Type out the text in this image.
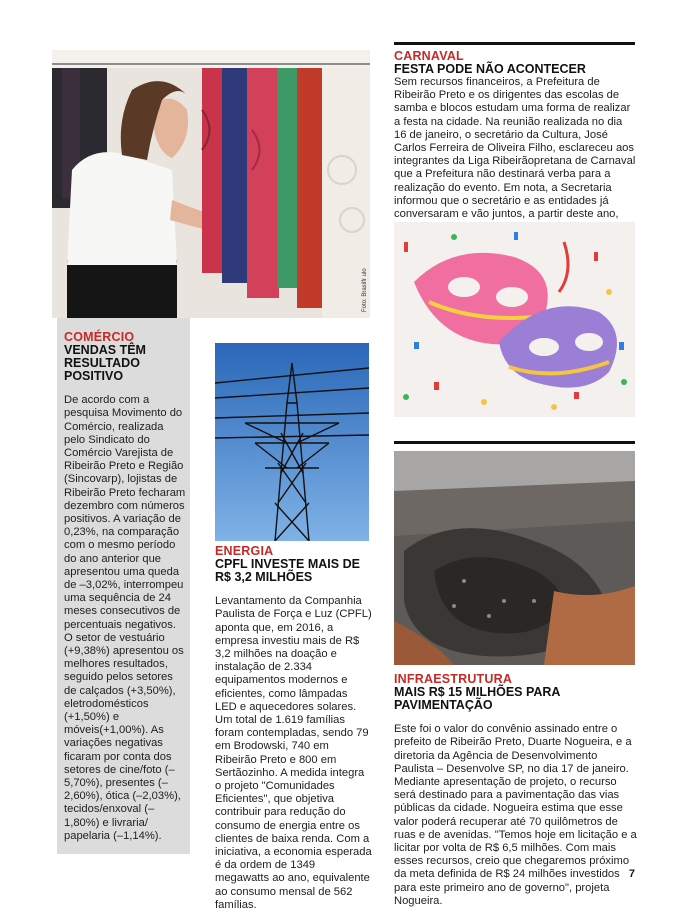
Foto: Brasilfr ulo
CARNAVAL
FESTA PODE NÃO ACONTECER

Sem recursos financeiros, a Prefeitura de Ribeirão Preto e os dirigentes das escolas de samba e blocos estudam uma forma de realizar a festa na cidade. Na reunião realizada no dia 16 de janeiro, o secretário da Cultura, José Carlos Ferreira de Oliveira Filho, esclareceu aos integrantes da Liga Ribeirãopretana de Carnaval que a Prefeitura não destinará verba para a realização do evento. Em nota, a Secretaria informou que o secretário e as entidades já conversaram e vão juntos, a partir deste ano,

COMÉRCIO
VENDAS TÊM RESULTADO POSITIVO

De acordo com a pesquisa Movimento do Comércio, realizada pelo Sindicato do Comércio Varejista de Ribeirão Preto e Região (Sincovarp), lojistas de Ribeirão Preto fecharam dezembro com números positivos. A variação de 0,23%, na comparação com o mesmo período do ano anterior que apresentou uma queda de –3,02%, interrompeu uma sequência de 24 meses consecutivos de percentuais negativos. O setor de vestuário (+9,38%) apresentou os melhores resultados, seguido pelos setores de calçados (+3,50%), eletrodomésticos (+1,50%) e móveis(+1,00%). As variações negativas ficaram por conta dos setores de cine/foto (–5,70%), presentes (–2,60%), ótica (–2,03%), tecidos/enxoval (–1,80%) e livraria/ papelaria (–1,14%).

ENERGIA
CPFL INVESTE MAIS DE R$ 3,2 MILHÕES

Levantamento da Companhia Paulista de Força e Luz (CPFL) aponta que, em 2016, a empresa investiu mais de R$ 3,2 milhões na doação e instalação de 2.334 equipamentos modernos e eficientes, como lâmpadas LED e aquecedores solares. Um total de 1.619 famílias foram contempladas, sendo 79 em Brodowski, 740 em Ribeirão Preto e 800 em Sertãozinho. A medida integra o projeto "Comunidades Eficientes", que objetiva contribuir para redução do consumo de energia entre os clientes de baixa renda. Com a iniciativa, a economia esperada é da ordem de 1349 megawatts ao ano, equivalente ao consumo mensal de 562 famílias.

INFRAESTRUTURA
MAIS R$ 15 MILHÕES PARA PAVIMENTAÇÃO

Este foi o valor do convênio assinado entre o prefeito de Ribeirão Preto, Duarte Nogueira, e a diretoria da Agência de Desenvolvimento Paulista – Desenvolve SP, no dia 17 de janeiro. Mediante apresentação de projeto, o recurso será destinado para a pavimentação das vias públicas da cidade. Nogueira estima que esse valor poderá recuperar até 70 quilômetros de ruas e de avenidas. "Temos hoje em licitação e a licitar por volta de R$ 6,5 milhões. Com mais esses recursos, creio que chegaremos próximo da meta definida de R$ 24 milhões investidos para este primeiro ano de governo", projeta Nogueira.

7
